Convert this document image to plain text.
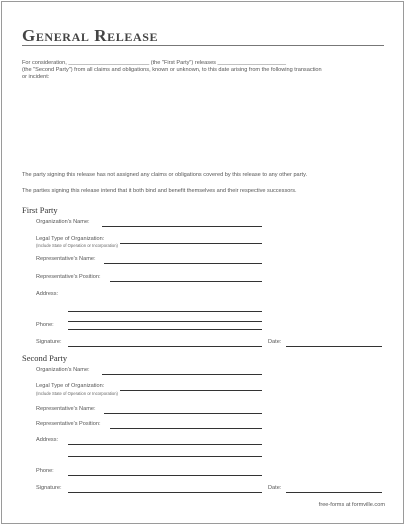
General Release
For consideration, __________________________ (the "First Party") releases ______________________
(the "Second Party") from all claims and obligations, known or unknown, to this date arising from the following transaction
or incident:
The party signing this release has not assigned any claims or obligations covered by this release to any other party.
The parties signing this release intend that it both bind and benefit themselves and their respective successors.
First Party
Organization's Name:
Legal Type of Organization:
(Include State of Operation or Incorporation)
Representative's Name:
Representative's Position:
Address:
Phone:
Signature:	Date:
Second Party
Organization's Name:
Legal Type of Organization:
(Include State of Operation or Incorporation)
Representative's Name:
Representative's Position:
Address:
Phone:
Signature:	Date:
free-forms at formville.com
